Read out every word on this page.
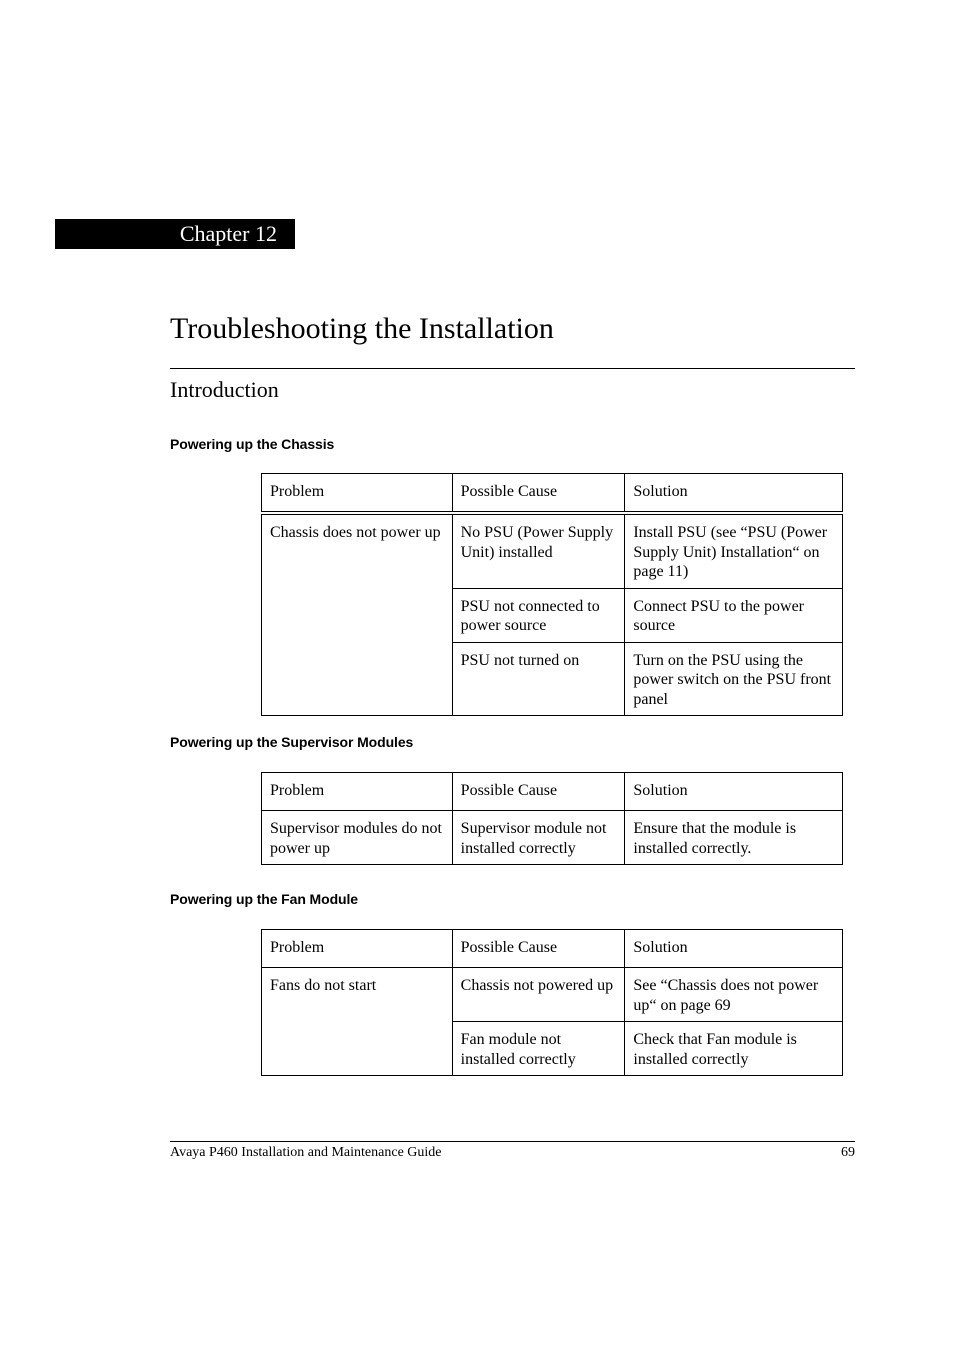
Chapter 12
Troubleshooting the Installation
Introduction
Powering up the Chassis
Problem	Possible Cause	Solution
Chassis does not power up	No PSU (Power Supply Unit) installed	Install PSU (see “PSU (Power Supply Unit) Installation“ on page 11)
	PSU not connected to power source	Connect PSU to the power source
	PSU not turned on	Turn on the PSU using the power switch on the PSU front panel
Powering up the Supervisor Modules
Problem	Possible Cause	Solution
Supervisor modules do not power up	Supervisor module not installed correctly	Ensure that the module is installed correctly.
Powering up the Fan Module
Problem	Possible Cause	Solution
Fans do not start	Chassis not powered up	See “Chassis does not power up“ on page 69
	Fan module not installed correctly	Check that Fan module is installed correctly
Avaya P460 Installation and Maintenance Guide	69
